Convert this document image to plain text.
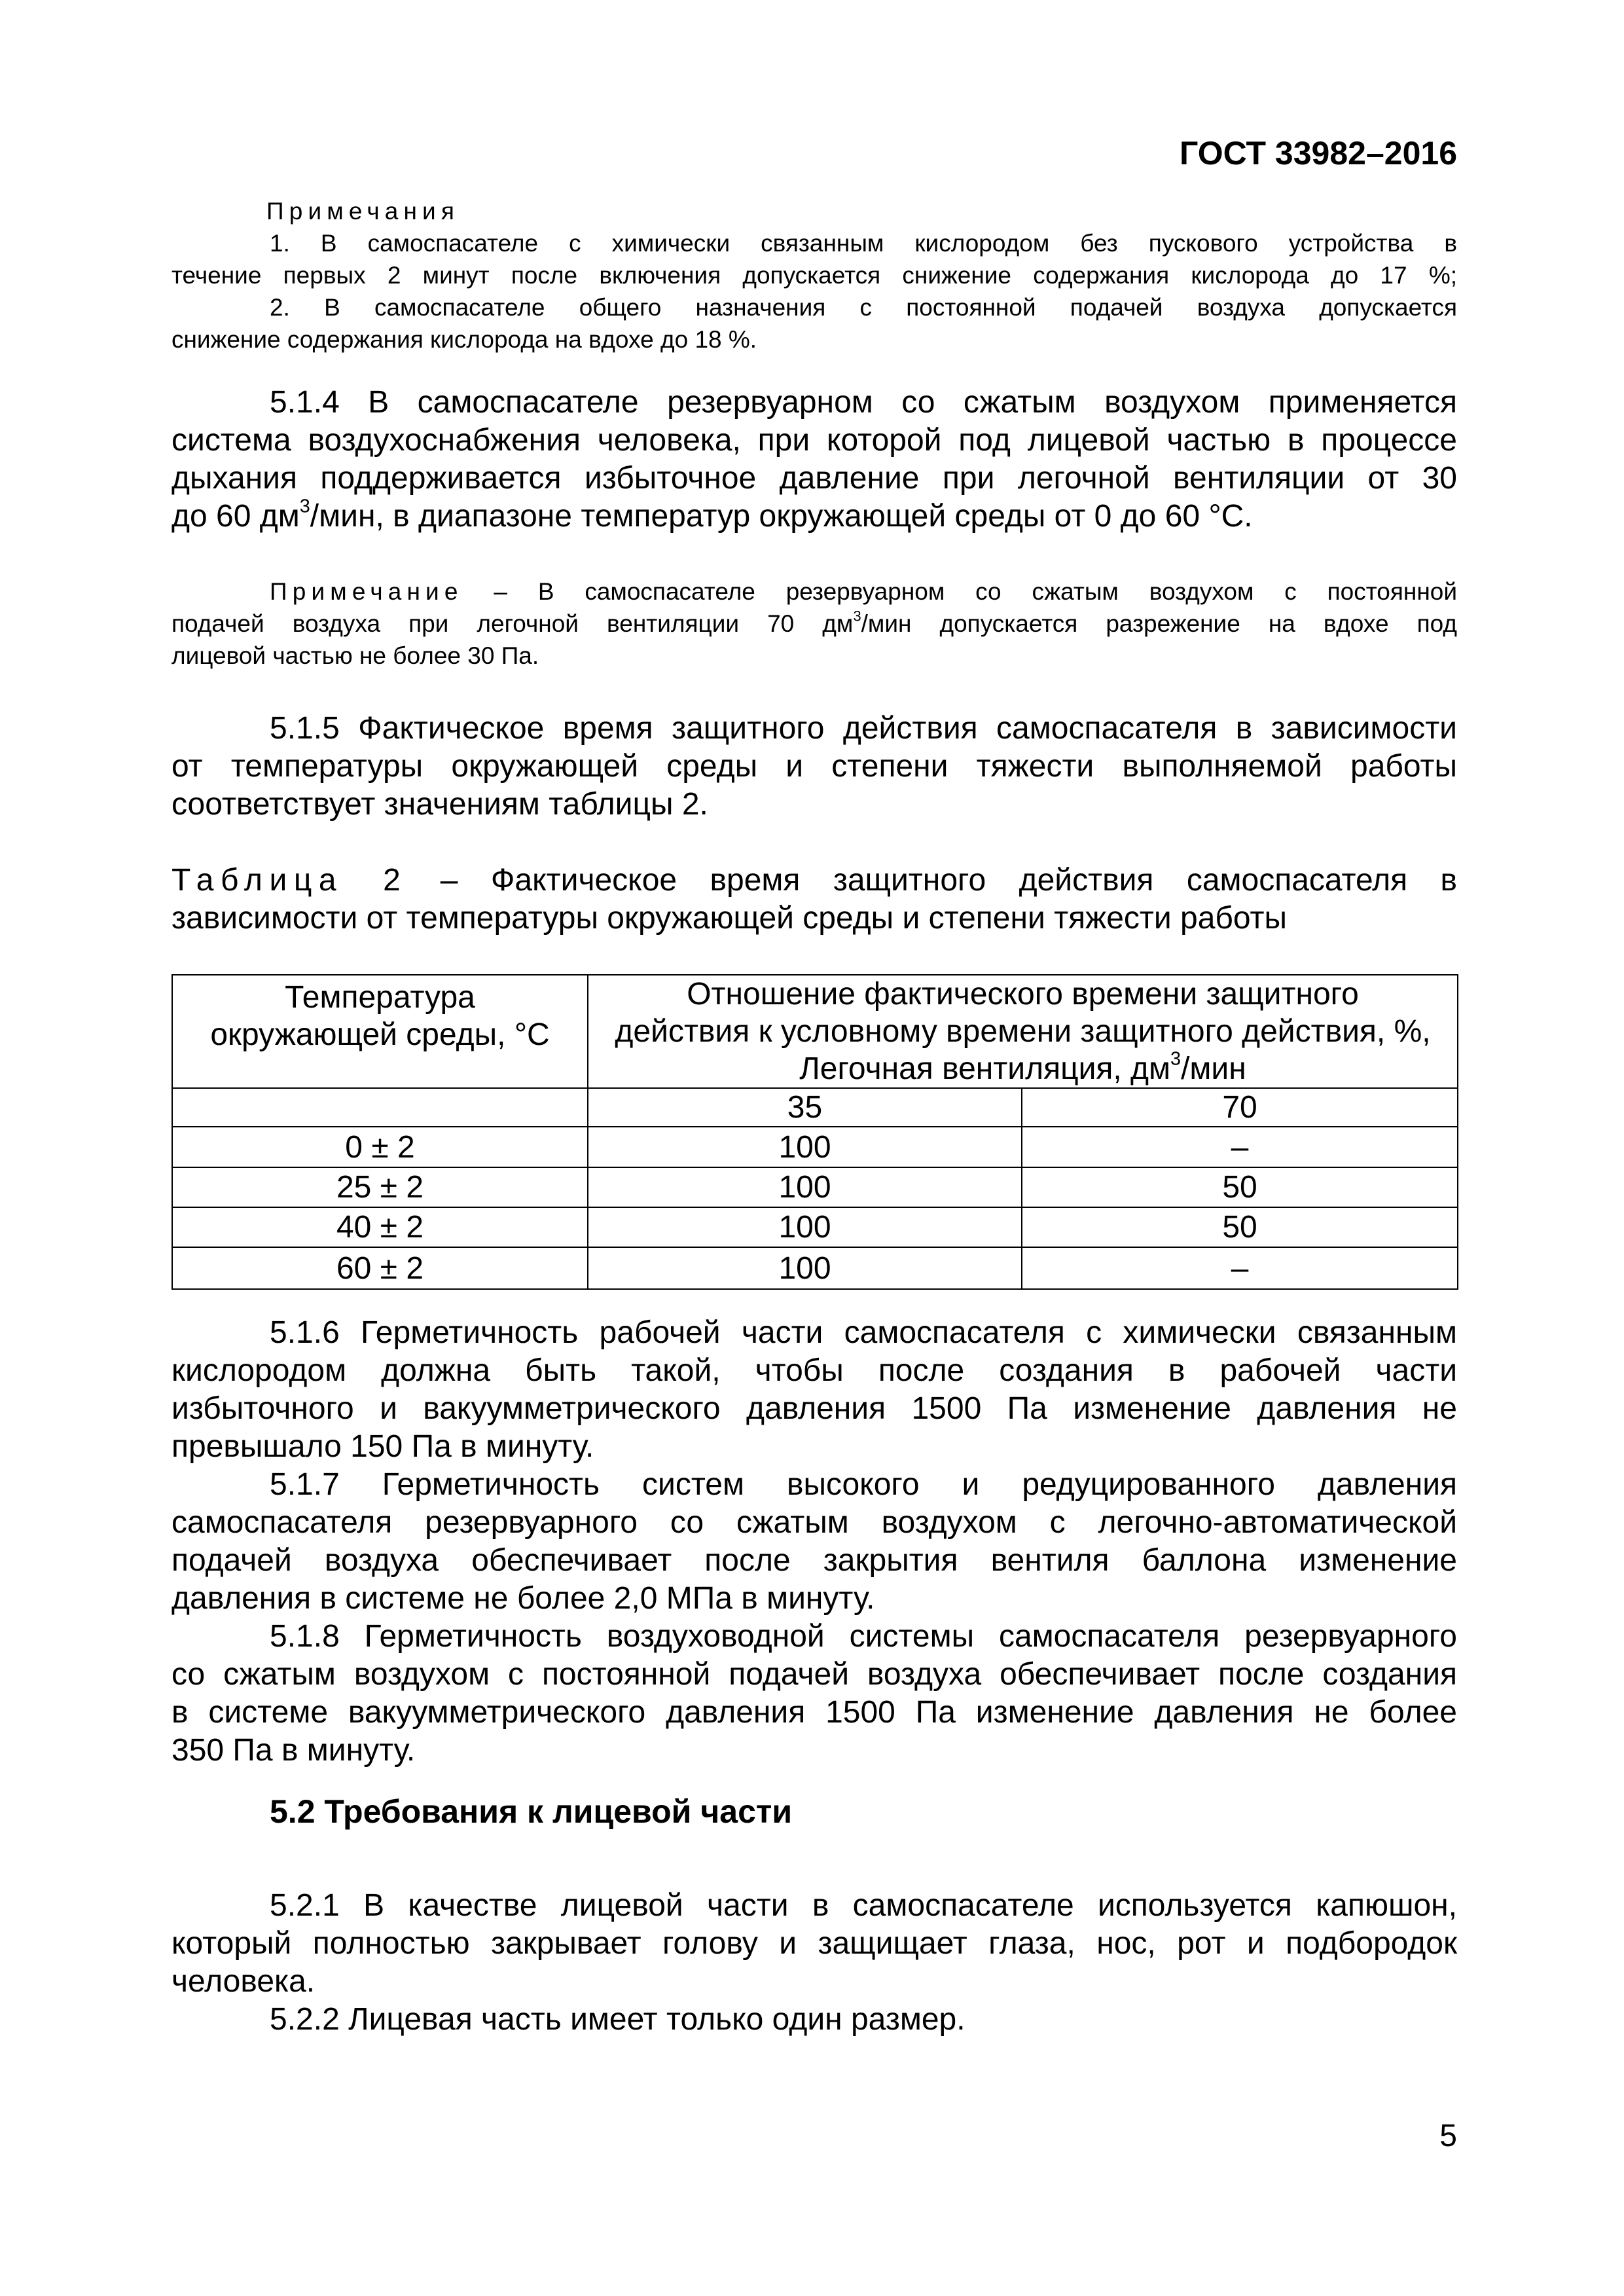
ГОСТ 33982–2016
Примечания
1. В самоспасателе с химически связанным кислородом без пускового устройства в
течение первых 2 минут после включения допускается снижение содержания кислорода до 17 %;
2. В самоспасателе общего назначения с постоянной подачей воздуха допускается
снижение содержания кислорода на вдохе до 18 %.
5.1.4 В самоспасателе резервуарном со сжатым воздухом применяется
система воздухоснабжения человека, при которой под лицевой частью в процессе
дыхания поддерживается избыточное давление при легочной вентиляции от 30
до 60 $дм^3$/мин, в диапазоне температур окружающей среды от 0 до 60 °С.
Примечание – В самоспасателе резервуарном со сжатым воздухом с постоянной
подачей воздуха при легочной вентиляции 70 $дм^3$/мин допускается разрежение на вдохе под
лицевой частью не более 30 Па.
5.1.5 Фактическое время защитного действия самоспасателя в зависимости
от температуры окружающей среды и степени тяжести выполняемой работы
соответствует значениям таблицы 2.
Таблица 2 – Фактическое время защитного действия самоспасателя в
зависимости от температуры окружающей среды и степени тяжести работы
Температура
окружающей среды, °С	Отношение фактического времени защитного
действия к условному времени защитного действия, %,
Легочная вентиляция, $дм^3$/мин	
	35	70
0 ± 2	100	–
25 ± 2	100	50
40 ± 2	100	50
60 ± 2	100	–
5.1.6 Герметичность рабочей части самоспасателя с химически связанным
кислородом должна быть такой, чтобы после создания в рабочей части
избыточного и вакуумметрического давления 1500 Па изменение давления не
превышало 150 Па в минуту.
5.1.7 Герметичность систем высокого и редуцированного давления
самоспасателя резервуарного со сжатым воздухом с легочно-автоматической
подачей воздуха обеспечивает после закрытия вентиля баллона изменение
давления в системе не более 2,0 МПа в минуту.
5.1.8 Герметичность воздуховодной системы самоспасателя резервуарного
со сжатым воздухом с постоянной подачей воздуха обеспечивает после создания
в системе вакуумметрического давления 1500 Па изменение давления не более
350 Па в минуту.
5.2 Требования к лицевой части
5.2.1 В качестве лицевой части в самоспасателе используется капюшон,
который полностью закрывает голову и защищает глаза, нос, рот и подбородок
человека.
5.2.2 Лицевая часть имеет только один размер.
5
